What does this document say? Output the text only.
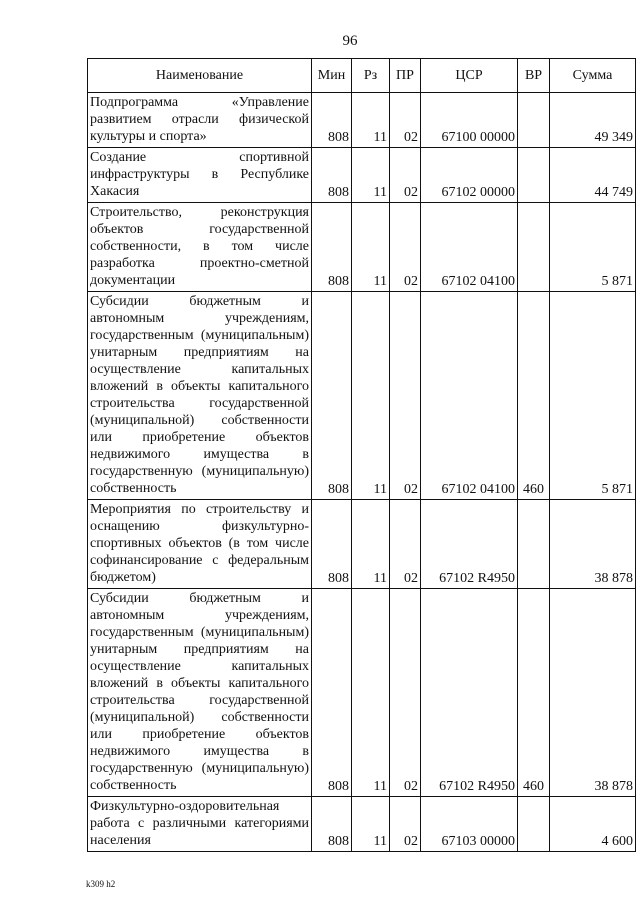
96
Наименование	Мин	Рз	ПР	ЦСР	ВР	Сумма
Подпрограмма «Управление развитием отрасли физической культуры и спорта»	808	11	02	67100 00000		49 349
Создание спортивной инфраструктуры в Республике Хакасия	808	11	02	67102 00000		44 749
Строительство, реконструкция объектов государственной собственности, в том числе разработка проектно-сметной документации	808	11	02	67102 04100		5 871
Субсидии бюджетным и автономным учреждениям, государственным (муниципальным) унитарным предприятиям на осуществление капитальных вложений в объекты капитального строительства государственной (муниципальной) собственности или приобретение объектов недвижимого имущества в государственную (муниципальную) собственность	808	11	02	67102 04100	460	5 871
Мероприятия по строительству и оснащению физкультурно-спортивных объектов (в том числе софинансирование с федеральным бюджетом)	808	11	02	67102 R4950		38 878
Субсидии бюджетным и автономным учреждениям, государственным (муниципальным) унитарным предприятиям на осуществление капитальных вложений в объекты капитального строительства государственной (муниципальной) собственности или приобретение объектов недвижимого имущества в государственную (муниципальную) собственность	808	11	02	67102 R4950	460	38 878
Физкультурно-оздоровительная работа с различными категориями населения	808	11	02	67103 00000		4 600
k309 h2
